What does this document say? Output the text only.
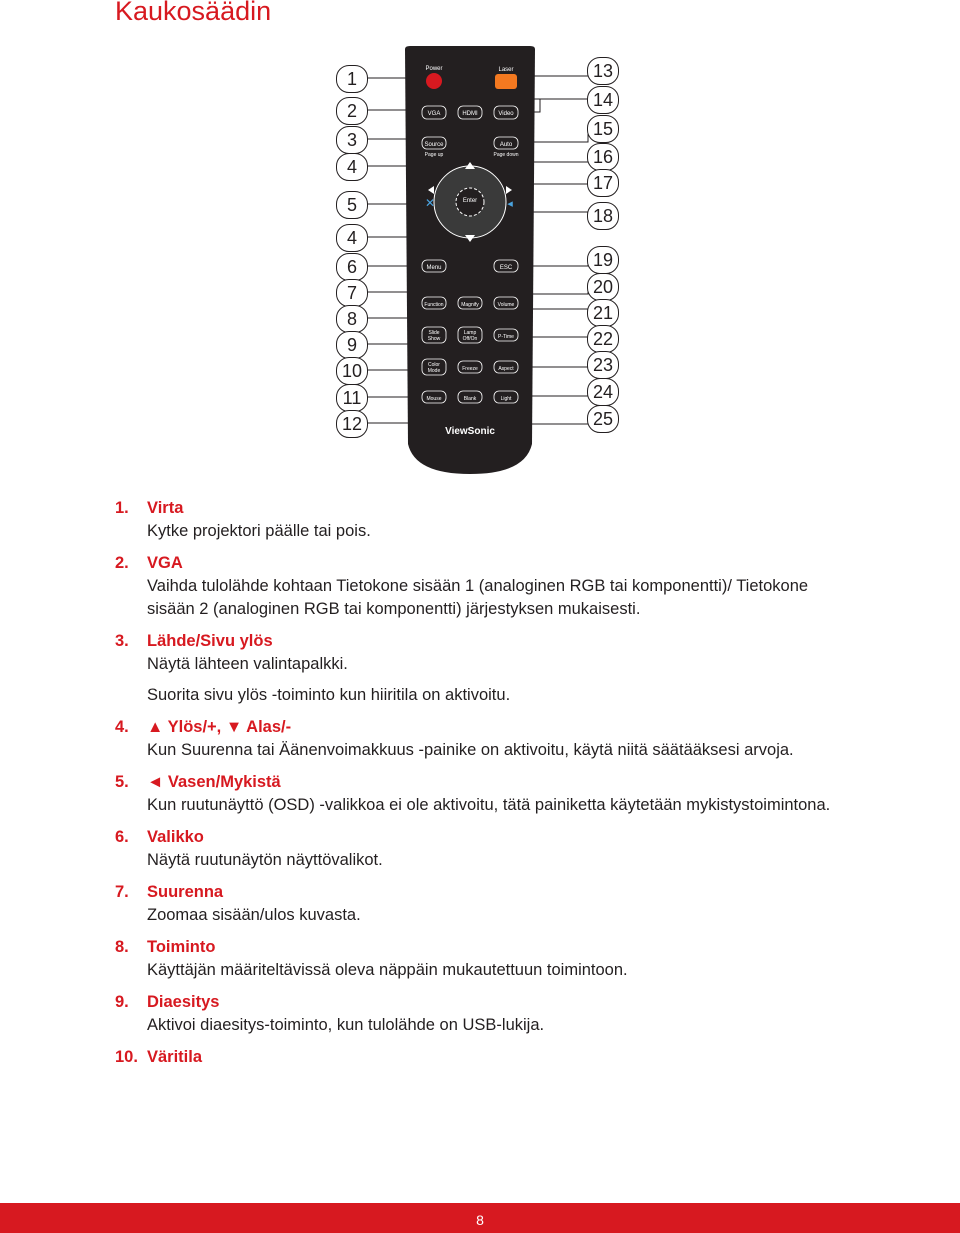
Kaukosäädin
Power	Laser
VGA	HDMI	Video
Source
Page up
Auto
Page down
Enter
✕	◂
Menu	ESC
Function	Magnify	Volume
Slide
Show
Lamp
Off/On	P-Time
Color
Mode	Freeze	Aspect
Mouse	Blank	Light
ViewSonic
1
2
3
4
5
4
6
7
8
9
10
11
12
13
14
15
16
17
18
19
20
21
22
23
24
25
1. Virta
Kytke projektori päälle tai pois.
2. VGA
Vaihda tulolähde kohtaan Tietokone sisään 1 (analoginen RGB tai komponentti)/ Tietokone sisään 2 (analoginen RGB tai komponentti) järjestyksen mukaisesti.
3. Lähde/Sivu ylös
Näytä lähteen valintapalkki.
Suorita sivu ylös -toiminto kun hiiritila on aktivoitu.
4. ▲ Ylös/+, ▼ Alas/-
Kun Suurenna tai Äänenvoimakkuus -painike on aktivoitu, käytä niitä säätääksesi arvoja.
5. ◄ Vasen/Mykistä
Kun ruutunäyttö (OSD) -valikkoa ei ole aktivoitu, tätä painiketta käytetään mykistystoimintona.
6. Valikko
Näytä ruutunäytön näyttövalikot.
7. Suurenna
Zoomaa sisään/ulos kuvasta.
8. Toiminto
Käyttäjän määriteltävissä oleva näppäin mukautettuun toimintoon.
9. Diaesitys
Aktivoi diaesitys-toiminto, kun tulolähde on USB-lukija.
10. Väritila
8
